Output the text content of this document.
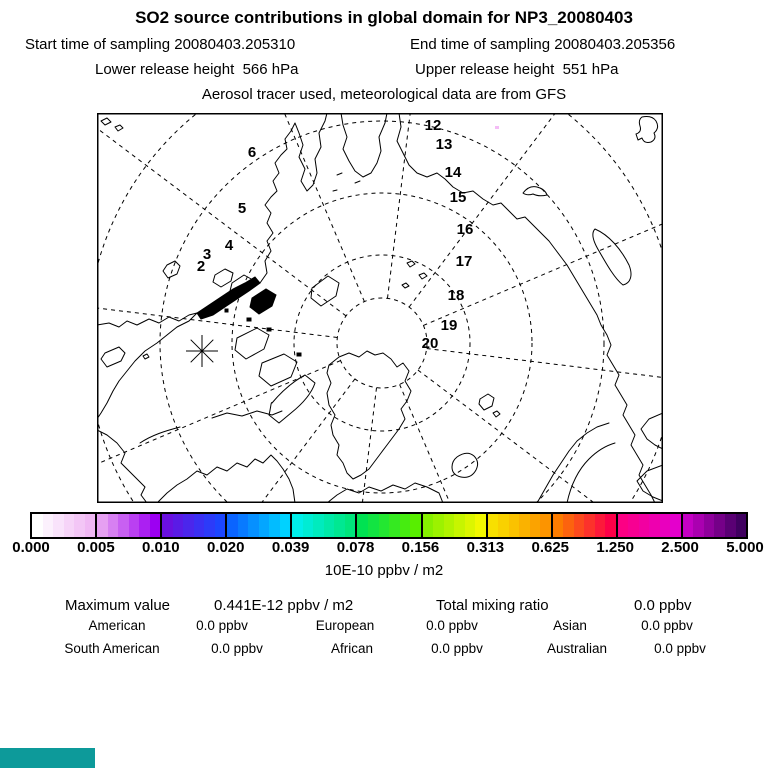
SO2 source contributions in global domain for NP3_20080403
Start time of sampling 20080403.205310	End time of sampling 20080403.205356
Lower release height  566 hPa	Upper release height  551 hPa
Aerosol tracer used, meteorological data are from GFS
2
3
4
5
6
12
13
14
15
16
17
18
19
20
0.000 0.005 0.010 0.020 0.039 0.078 0.156 0.313 0.625 1.250 2.500 5.000
10E-10 ppbv / m2
Maximum value	0.441E-12 ppbv / m2	Total mixing ratio	0.0 ppbv
American	0.0 ppbv	European	0.0 ppbv	Asian	0.0 ppbv
South American	0.0 ppbv	African	0.0 ppbv	Australian	0.0 ppbv
